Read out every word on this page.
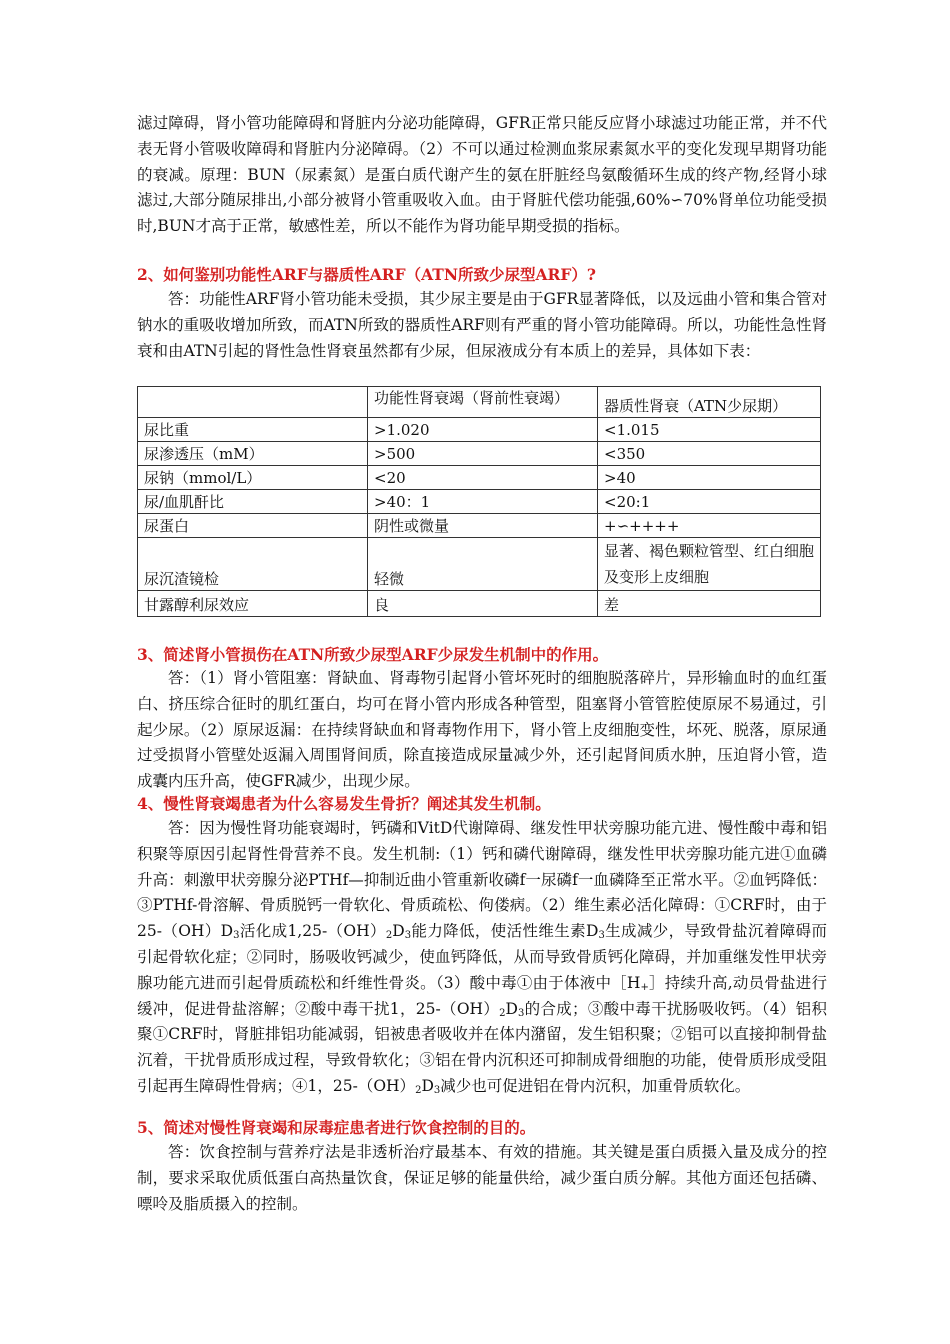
滤过障碍，肾小管功能障碍和肾脏内分泌功能障碍，GFR正常只能反应肾小球滤过功能正常，并不代表无肾小管吸收障碍和肾脏内分泌障碍。（2）不可以通过检测血浆尿素氮水平的变化发现早期肾功能的衰减。原理：BUN（尿素氮）是蛋白质代谢产生的氨在肝脏经鸟氨酸循环生成的终产物,经肾小球滤过,大部分随尿排出,小部分被肾小管重吸收入血。由于肾脏代偿功能强,60%∽70%肾单位功能受损时,BUN才高于正常，敏感性差，所以不能作为肾功能早期受损的指标。

2、如何鉴别功能性ARF与器质性ARF（ATN所致少尿型ARF）?

答：功能性ARF肾小管功能未受损，其少尿主要是由于GFR显著降低，以及远曲小管和集合管对钠水的重吸收增加所致，而ATN所致的器质性ARF则有严重的肾小管功能障碍。所以，功能性急性肾衰和由ATN引起的肾性急性肾衰虽然都有少尿，但尿液成分有本质上的差异，具体如下表：

	功能性肾衰竭（肾前性衰竭）	器质性肾衰（ATN少尿期）
尿比重	>1.020	<1.015
尿渗透压（mM）	>500	<350
尿钠（mmol/L）	<20	>40
尿/血肌酐比	>40：1	<20:1
尿蛋白	阴性或微量	+∽++++
尿沉渣镜检	轻微	显著、褐色颗粒管型、红白细胞及变形上皮细胞
甘露醇利尿效应	良	差

3、简述肾小管损伤在ATN所致少尿型ARF少尿发生机制中的作用。

答：（1）肾小管阻塞：肾缺血、肾毒物引起肾小管坏死时的细胞脱落碎片，异形输血时的血红蛋白、挤压综合征时的肌红蛋白，均可在肾小管内形成各种管型，阻塞肾小管管腔使原尿不易通过，引起少尿。（2）原尿返漏：在持续肾缺血和肾毒物作用下，肾小管上皮细胞变性，坏死、脱落，原尿通过受损肾小管壁处返漏入周围肾间质，除直接造成尿量减少外，还引起肾间质水肿，压迫肾小管，造成囊内压升高，使GFR减少，出现少尿。

4、慢性肾衰竭患者为什么容易发生骨折？阐述其发生机制。

答：因为慢性肾功能衰竭时，钙磷和VitD代谢障碍、继发性甲状旁腺功能亢进、慢性酸中毒和铝积聚等原因引起肾性骨营养不良。发生机制:（1）钙和磷代谢障碍，继发性甲状旁腺功能亢进①血磷升高：刺激甲状旁腺分泌PTHf—抑制近曲小管重新收磷f一尿磷f一血磷降至正常水平。②血钙降低：③PTHf-骨溶解、骨质脱钙一骨软化、骨质疏松、佝偻病。（2）维生素必活化障碍：①CRF时，由于$25-(OH)D_3$活化成$1,25-(OH)_2D_3$能力降低，使活性维生素$D_3$生成减少，导致骨盐沉着障碍而引起骨软化症；②同时，肠吸收钙减少，使血钙降低，从而导致骨质钙化障碍，并加重继发性甲状旁腺功能亢进而引起骨质疏松和纤维性骨炎。（3）酸中毒①由于体液中$[H_+]$持续升高,动员骨盐进行缓冲，促进骨盐溶解；②酸中毒干扰1，$25-(OH)_2D_3$的合成；③酸中毒干扰肠吸收钙。（4）铝积聚①CRF时，肾脏排铝功能减弱，铝被患者吸收并在体内潴留，发生铝积聚；②铝可以直接抑制骨盐沉着，干扰骨质形成过程，导致骨软化；③铝在骨内沉积还可抑制成骨细胞的功能，使骨质形成受阻引起再生障碍性骨病；④1，$25-(OH)_2D_3$减少也可促进铝在骨内沉积，加重骨质软化。

5、简述对慢性肾衰竭和尿毒症患者进行饮食控制的目的。

答：饮食控制与营养疗法是非透析治疗最基本、有效的措施。其关键是蛋白质摄入量及成分的控制，要求采取优质低蛋白高热量饮食，保证足够的能量供给，减少蛋白质分解。其他方面还包括磷、嘌呤及脂质摄入的控制。
